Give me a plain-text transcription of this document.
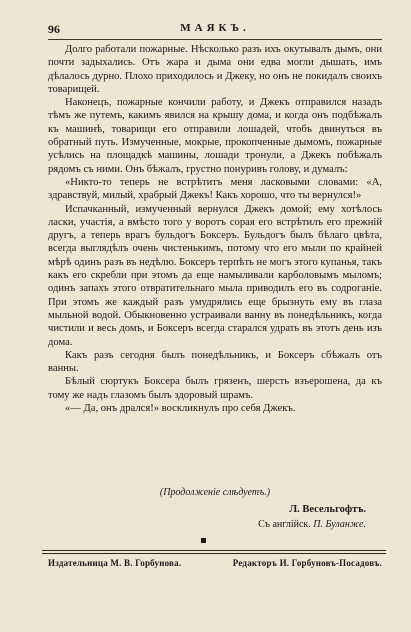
96	МАЯКЪ.

Долго работали пожарные. Нѣсколько разъ ихъ окутывалъ дымъ, они почти задыхались. Отъ жара и дыма они едва могли дышать, имъ дѣлалось дурно. Плохо приходилось и Джеку, но онъ не покидалъ своихъ товарищей.

Наконецъ, пожарные кончили работу, и Джекъ отправился назадъ тѣмъ же путемъ, какимъ явился на крышу дома, и когда онъ подбѣжалъ къ машинѣ, товарищи его отправили лошадей, чтобъ двинуться въ обратный путь. Измученные, мокрые, прокопченные дымомъ, пожарные усѣлись на площадкѣ машины, лошади тронули, а Джекъ побѣжалъ рядомъ съ ними. Онъ бѣжалъ, грустно понуривъ голову, и думалъ:

«Никто-то теперь не встрѣтитъ меня ласковыми словами: «А, здравствуй, милый, храбрый Джекъ! Какъ хорошо, что ты вернулся!»

Испачканный, измученный вернулся Джекъ домой; ему хотѣлось ласки, участія, а вмѣсто того у воротъ сорая его встрѣтилъ его прежній другъ, а теперь врагъ бульдогъ Боксеръ. Бульдогъ былъ бѣлаго цвѣта, всегда выглядѣлъ очень чистенькимъ, потому что его мыли по крайней мѣрѣ одинъ разъ въ недѣлю. Боксеръ терпѣть не могъ этого купанья, такъ какъ его скребли при этомъ да еще намыливали карболовымъ мыломъ; одинъ запахъ этого отвратительнаго мыла приводилъ его въ содроганіе. При этомъ же каждый разъ умудрялись еще брызнуть ему въ глаза мыльной водой. Обыкновенно устраивали ванну въ понедѣльникъ, когда чистили и весь домъ, и Боксеръ всегда старался удрать въ этотъ день изъ дома.

Какъ разъ сегодня былъ понедѣльникъ, и Боксеръ сбѣжалъ отъ ванны.

Бѣлый сюртукъ Боксера былъ грязенъ, шерсть взъерошена, да къ тому же надъ глазомъ былъ здоровый шрамъ.

«— Да, онъ дрался!» воскликнулъ про себя Джекъ.

(Продолженіе слѣдуетъ.)
Л. Весельгофтъ.
Съ англійск. П. Буланже.
Издательница М. В. Горбунова.	Редакторъ И. Горбуновъ-Посадовъ.
